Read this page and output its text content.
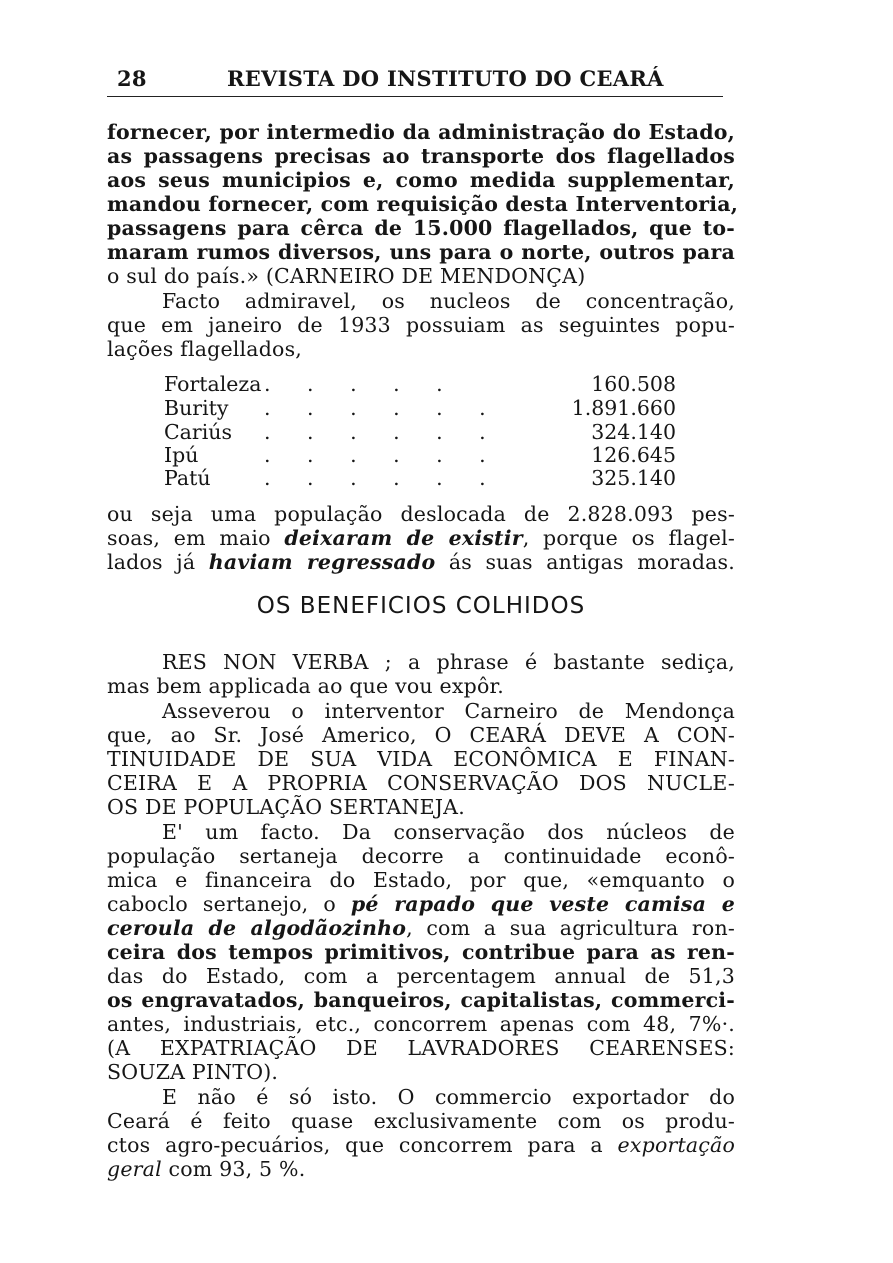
28	REVISTA DO INSTITUTO DO CEARÁ
fornecer, por intermedio da administração do Estado,
as passagens precisas ao transporte dos flagellados
aos seus municipios e, como medida supplementar,
mandou fornecer, com requisição desta Interventoria,
passagens para cêrca de 15.000 flagellados, que to-
maram rumos diversos, uns para o norte, outros para
o sul do país.» (CARNEIRO DE MENDONÇA)
Facto admiravel, os nucleos de concentração,
que em janeiro de 1933 possuiam as seguintes popu-
lações flagellados,
Fortaleza . . . . .	160.508
Burity . . . . . .	1.891.660
Cariús . . . . . .	324.140
Ipú	. . . . . .	126.645
Patú	. . . . . .	325.140
ou seja uma população deslocada de 2.828.093 pes-
soas, em maio deixaram de existir, porque os flagel-
lados já haviam regressado ás suas antigas moradas.
OS BENEFICIOS COLHIDOS
RES NON VERBA ; a phrase é bastante sediça,
mas bem applicada ao que vou expôr.
Asseverou o interventor Carneiro de Mendonça
que, ao Sr. José Americo, O CEARÁ DEVE A CON-
TINUIDADE DE SUA VIDA ECONÔMICA E FINAN-
CEIRA E A PROPRIA CONSERVAÇÃO DOS NUCLE-
OS DE POPULAÇÃO SERTANEJA.
E' um facto. Da conservação dos núcleos de
população sertaneja decorre a continuidade econô-
mica e financeira do Estado, por que, «emquanto o
caboclo sertanejo, o pé rapado que veste camisa e
ceroula de algodãozinho, com a sua agricultura ron-
ceira dos tempos primitivos, contribue para as ren-
das do Estado, com a percentagem annual de 51,3
os engravatados, banqueiros, capitalistas, commerci-
antes, industriais, etc., concorrem apenas com 48, 7%·.
(A EXPATRIAÇÃO DE LAVRADORES CEARENSES:
SOUZA PINTO).
E não é só isto. O commercio exportador do
Ceará é feito quase exclusivamente com os produ-
ctos agro-pecuários, que concorrem para a exportação
geral com 93, 5 %.
